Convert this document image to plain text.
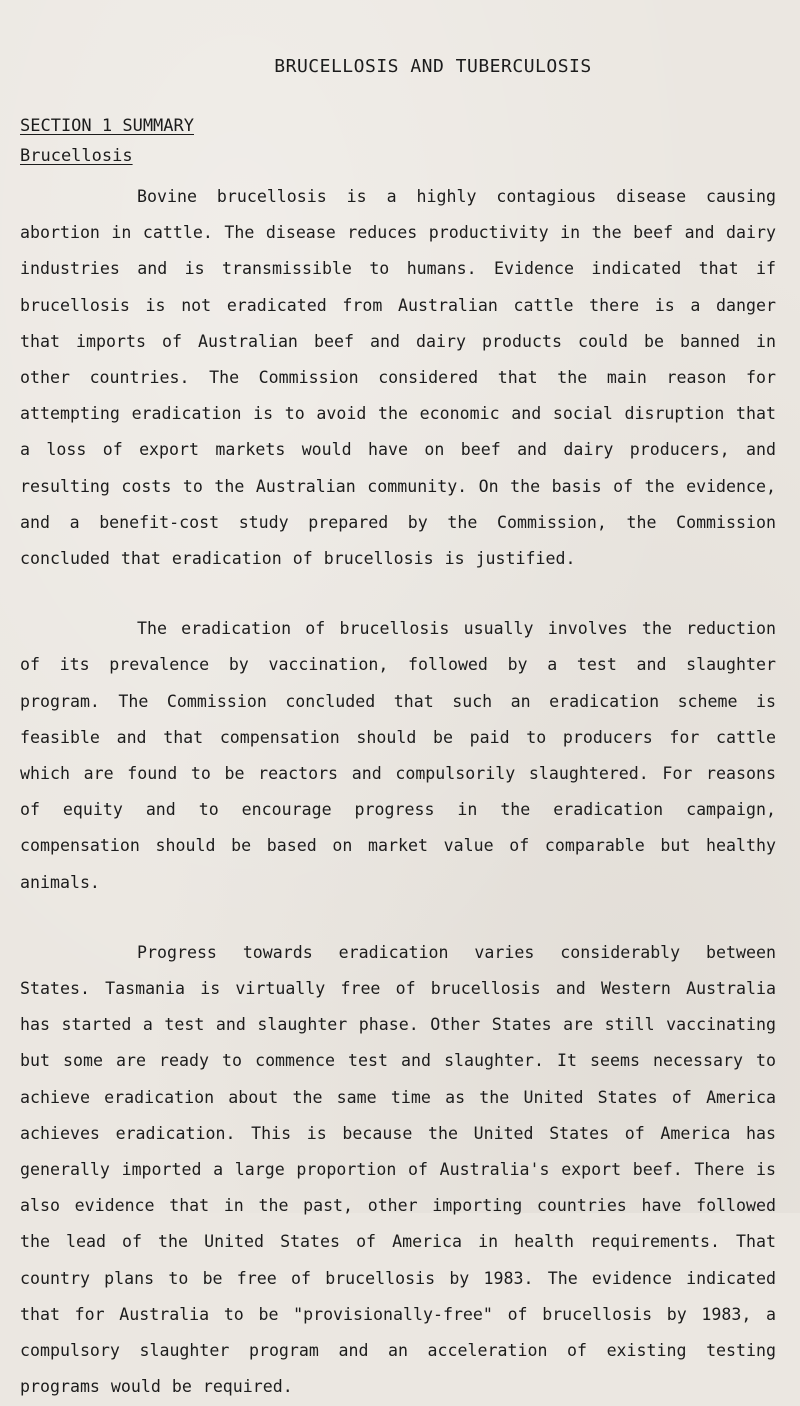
BRUCELLOSIS AND TUBERCULOSIS
SECTION 1 SUMMARY
Brucellosis

Bovine brucellosis is a highly contagious disease causing abortion in cattle. The disease reduces productivity in the beef and dairy industries and is transmissible to humans. Evidence indicated that if brucellosis is not eradicated from Australian cattle there is a danger that imports of Australian beef and dairy products could be banned in other countries. The Commission considered that the main reason for attempting eradication is to avoid the economic and social disruption that a loss of export markets would have on beef and dairy producers, and resulting costs to the Australian community. On the basis of the evidence, and a benefit-cost study prepared by the Commission, the Commission concluded that eradication of brucellosis is justified.

The eradication of brucellosis usually involves the reduction of its prevalence by vaccination, followed by a test and slaughter program. The Commission concluded that such an eradication scheme is feasible and that compensation should be paid to producers for cattle which are found to be reactors and compulsorily slaughtered. For reasons of equity and to encourage progress in the eradication campaign, compensation should be based on market value of comparable but healthy animals.

Progress towards eradication varies considerably between States. Tasmania is virtually free of brucellosis and Western Australia has started a test and slaughter phase. Other States are still vaccinating but some are ready to commence test and slaughter. It seems necessary to achieve eradication about the same time as the United States of America achieves eradication. This is because the United States of America has generally imported a large proportion of Australia's export beef. There is also evidence that in the past, other importing countries have followed the lead of the United States of America in health requirements. That country plans to be free of brucellosis by 1983. The evidence indicated that for Australia to be "provisionally-free" of brucellosis by 1983, a compulsory slaughter program and an acceleration of existing testing programs would be required.
